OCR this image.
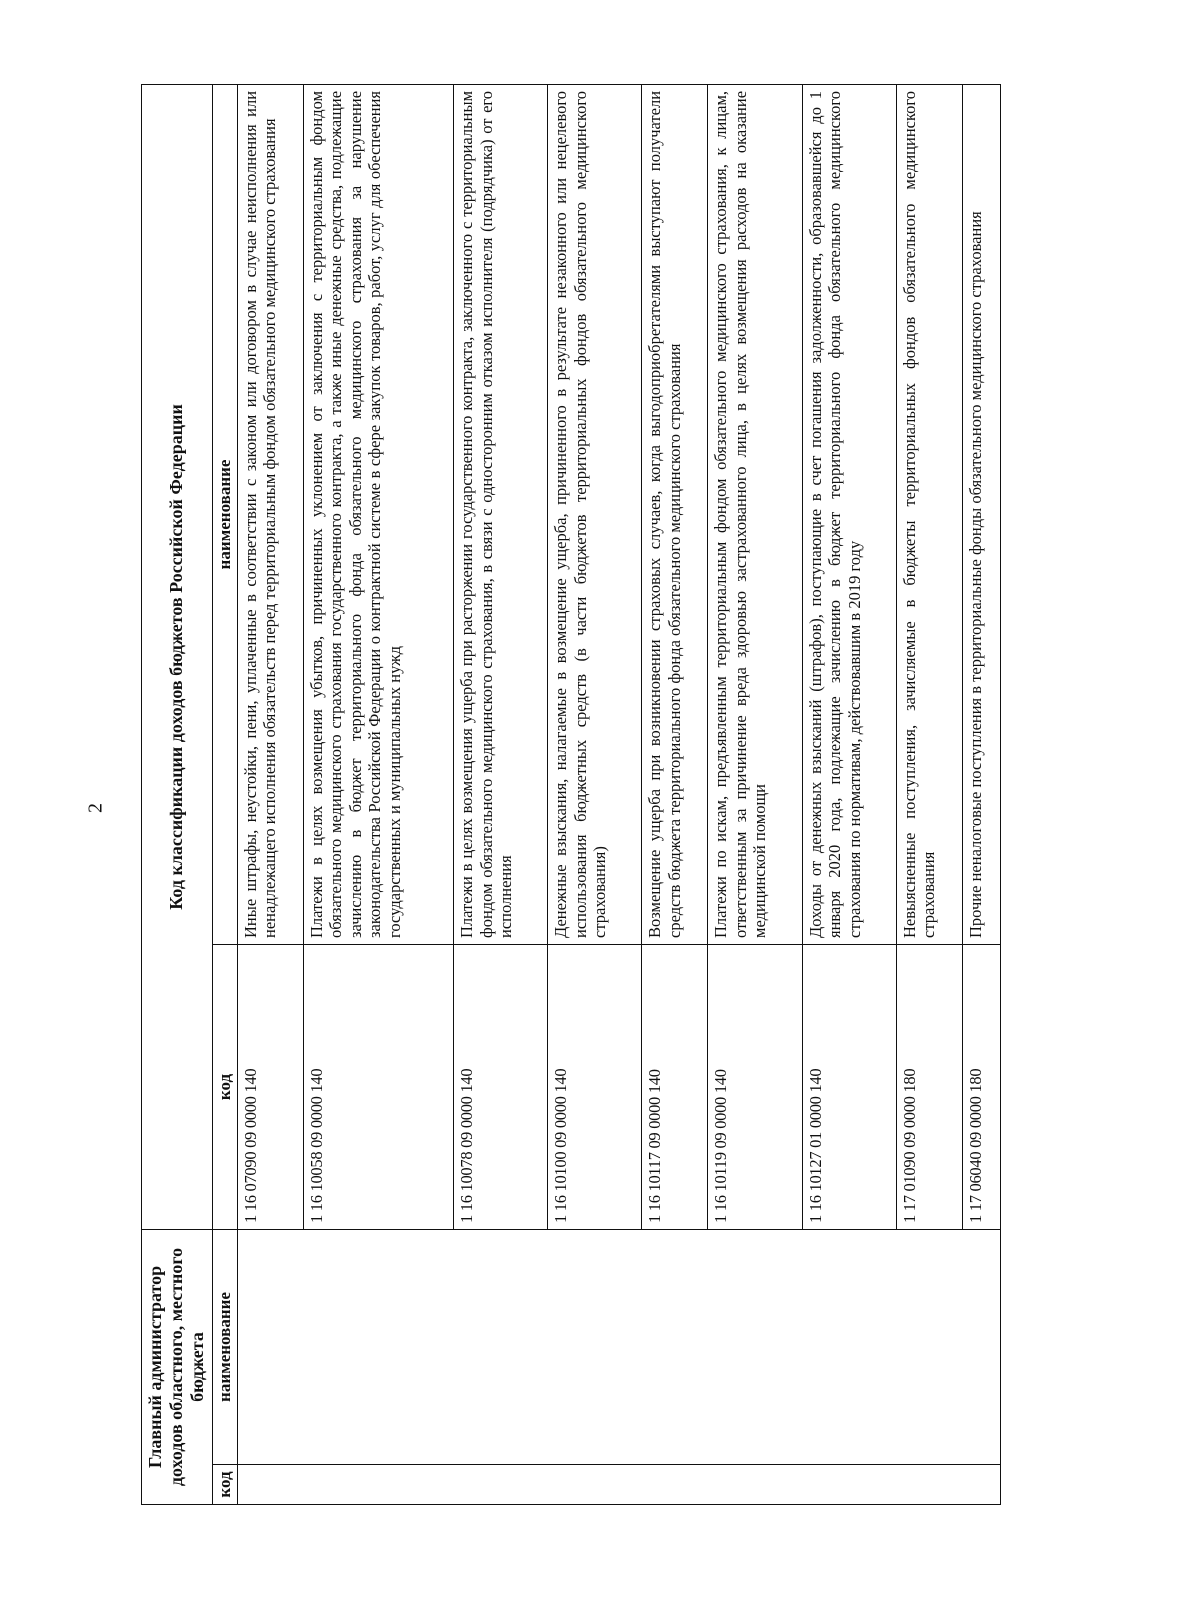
2
Главный администратор доходов областного, местного бюджета		Код классификации доходов бюджетов Российской Федерации	
код	наименование	код	наименование
		1 16 07090 09 0000 140	Иные штрафы, неустойки, пени, уплаченные в соответствии с законом или договором в случае неисполнения или ненадлежащего исполнения обязательств перед территориальным фондом обязательного медицинского страхования
		1 16 10058 09 0000 140	Платежи в целях возмещения убытков, причиненных уклонением от заключения с территориальным фондом обязательного медицинского страхования государственного контракта, а также иные денежные средства, подлежащие зачислению в бюджет территориального фонда обязательного медицинского страхования за нарушение законодательства Российской Федерации о контрактной системе в сфере закупок товаров, работ, услуг для обеспечения государственных и муниципальных нужд
		1 16 10078 09 0000 140	Платежи в целях возмещения ущерба при расторжении государственного контракта, заключенного с территориальным фондом обязательного медицинского страхования, в связи с односторонним отказом исполнителя (подрядчика) от его исполнения
		1 16 10100 09 0000 140	Денежные взыскания, налагаемые в возмещение ущерба, причиненного в результате незаконного или нецелевого использования бюджетных средств (в части бюджетов территориальных фондов обязательного медицинского страхования)
		1 16 10117 09 0000 140	Возмещение ущерба при возникновении страховых случаев, когда выгодоприобретателями выступают получатели средств бюджета территориального фонда обязательного медицинского страхования
		1 16 10119 09 0000 140	Платежи по искам, предъявленным территориальным фондом обязательного медицинского страхования, к лицам, ответственным за причинение вреда здоровью застрахованного лица, в целях возмещения расходов на оказание медицинской помощи
		1 16 10127 01 0000 140	Доходы от денежных взысканий (штрафов), поступающие в счет погашения задолженности, образовавшейся до 1 января 2020 года, подлежащие зачислению в бюджет территориального фонда обязательного медицинского страхования по нормативам, действовавшим в 2019 году
		1 17 01090 09 0000 180	Невыясненные поступления, зачисляемые в бюджеты территориальных фондов обязательного медицинского страхования
		1 17 06040 09 0000 180	Прочие неналоговые поступления в территориальные фонды обязательного медицинского страхования
